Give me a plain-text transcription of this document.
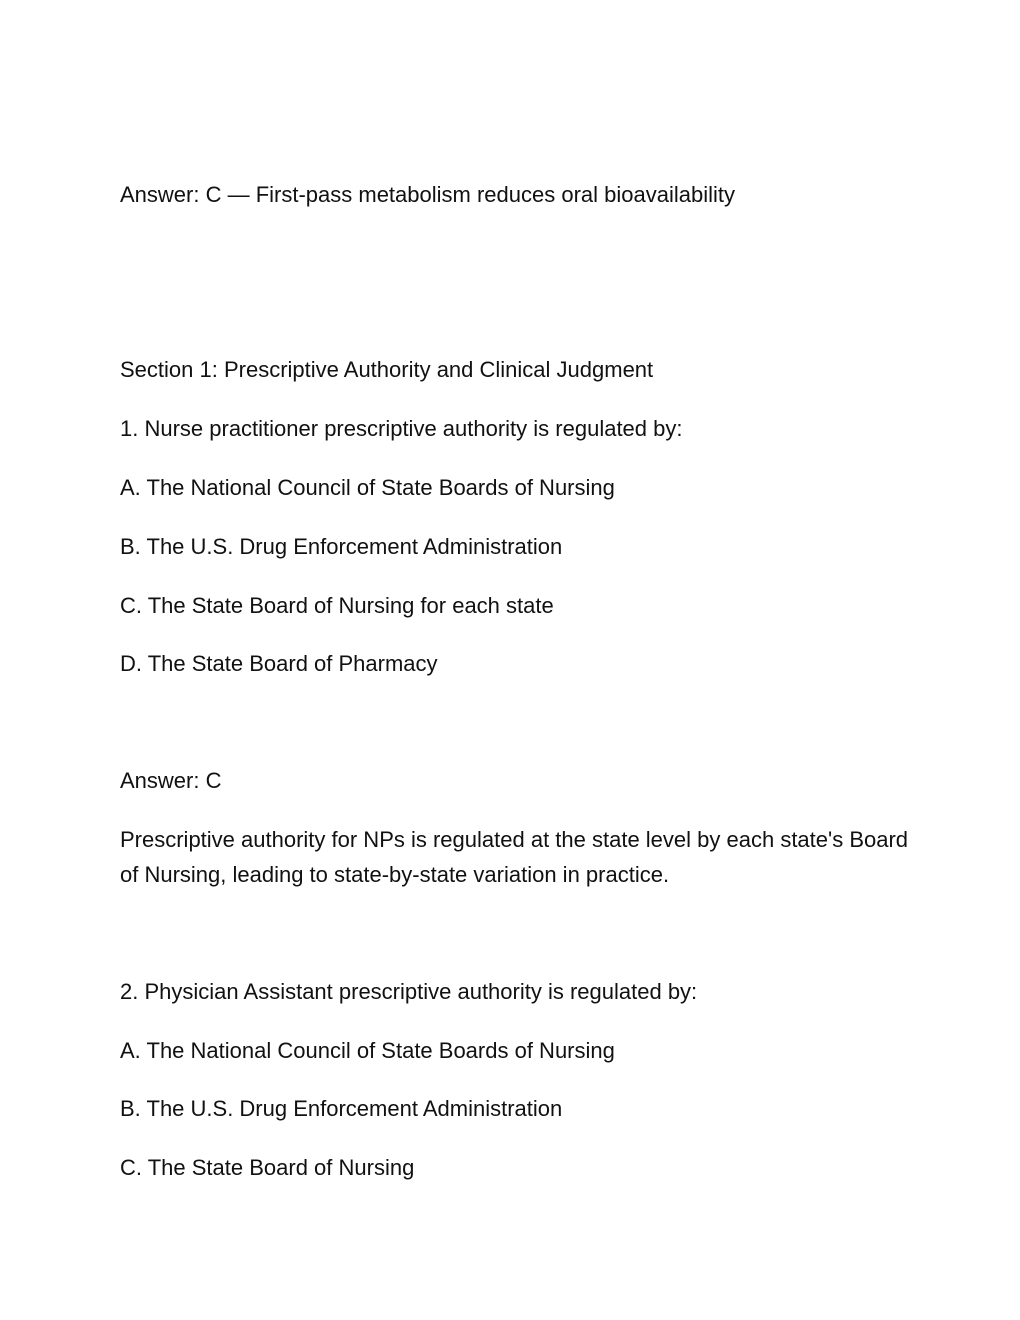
Answer: C — First-pass metabolism reduces oral bioavailability

Section 1: Prescriptive Authority and Clinical Judgment

1. Nurse practitioner prescriptive authority is regulated by:

A. The National Council of State Boards of Nursing

B. The U.S. Drug Enforcement Administration

C. The State Board of Nursing for each state

D. The State Board of Pharmacy

Answer: C

Prescriptive authority for NPs is regulated at the state level by each state's Board of Nursing, leading to state-by-state variation in practice.

2. Physician Assistant prescriptive authority is regulated by:

A. The National Council of State Boards of Nursing

B. The U.S. Drug Enforcement Administration

C. The State Board of Nursing
